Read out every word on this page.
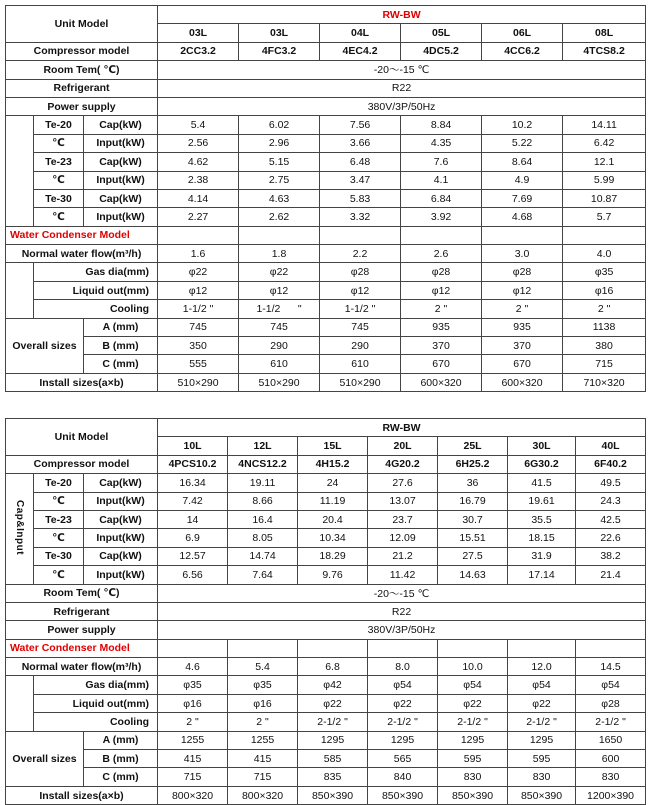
Unit Model			RW-BW					
			03L	03L	04L	05L	06L	08L
Compressor model			2CC3.2	4FC3.2	4EC4.2	4DC5.2	4CC6.2	4TCS8.2
Room Tem( ℃)			-20～-15 ℃					
Refrigerant			R22					
Power supply			380V/3P/50Hz					
	Te-20	Cap(kW)	5.4	6.02	7.56	8.84	10.2	14.11
	℃	Input(kW)	2.56	2.96	3.66	4.35	5.22	6.42
	Te-23	Cap(kW)	4.62	5.15	6.48	7.6	8.64	12.1
	℃	Input(kW)	2.38	2.75	3.47	4.1	4.9	5.99
	Te-30	Cap(kW)	4.14	4.63	5.83	6.84	7.69	10.87
	℃	Input(kW)	2.27	2.62	3.32	3.92	4.68	5.7
Water Condenser Model								
Normal water flow(m³/h)			1.6	1.8	2.2	2.6	3.0	4.0
	Gas dia(mm)		φ22	φ22	φ28	φ28	φ28	φ35
	Liquid out(mm)		φ12	φ12	φ12	φ12	φ12	φ16
	Cooling		1-1/2 "	1-1/2      "	1-1/2 "	2 "	2 "	2 "
Overall sizes		A (mm)	745	745	745	935	935	1138
		B (mm)	350	290	290	370	370	380
		C (mm)	555	610	610	670	670	715
Install sizes(a×b)			510×290	510×290	510×290	600×320	600×320	710×320
Unit Model			RW-BW						
			10L	12L	15L	20L	25L	30L	40L
Compressor model			4PCS10.2	4NCS12.2	4H15.2	4G20.2	6H25.2	6G30.2	6F40.2
Cap&Input	Te-20	Cap(kW)	16.34	19.11	24	27.6	36	41.5	49.5
	℃	Input(kW)	7.42	8.66	11.19	13.07	16.79	19.61	24.3
	Te-23	Cap(kW)	14	16.4	20.4	23.7	30.7	35.5	42.5
	℃	Input(kW)	6.9	8.05	10.34	12.09	15.51	18.15	22.6
	Te-30	Cap(kW)	12.57	14.74	18.29	21.2	27.5	31.9	38.2
	℃	Input(kW)	6.56	7.64	9.76	11.42	14.63	17.14	21.4
Room Tem( ℃)			-20～-15 ℃						
Refrigerant			R22						
Power supply			380V/3P/50Hz						
Water Condenser Model									
Normal water flow(m³/h)			4.6	5.4	6.8	8.0	10.0	12.0	14.5
	Gas dia(mm)		φ35	φ35	φ42	φ54	φ54	φ54	φ54
	Liquid out(mm)		φ16	φ16	φ22	φ22	φ22	φ22	φ28
	Cooling		2 "	2 "	2-1/2 "	2-1/2 "	2-1/2 "	2-1/2 "	2-1/2 "
Overall sizes		A (mm)	1255	1255	1295	1295	1295	1295	1650
		B (mm)	415	415	585	565	595	595	600
		C (mm)	715	715	835	840	830	830	830
Install sizes(a×b)			800×320	800×320	850×390	850×390	850×390	850×390	1200×390
